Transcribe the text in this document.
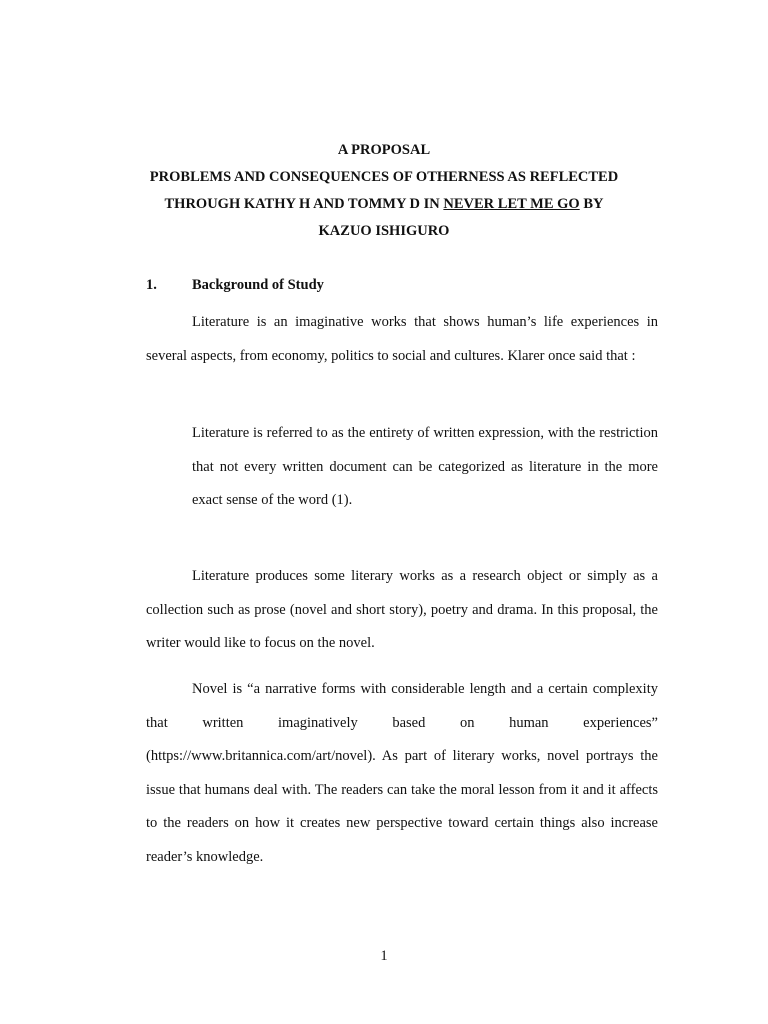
A PROPOSAL
PROBLEMS AND CONSEQUENCES OF OTHERNESS AS REFLECTED
THROUGH KATHY H AND TOMMY D IN NEVER LET ME GO BY
KAZUO ISHIGURO
1. Background of Study
Literature is an imaginative works that shows human’s life experiences in several aspects, from economy, politics to social and cultures. Klarer once said that :
Literature is referred to as the entirety of written expression, with the restriction that not every written document can be categorized as literature in the more exact sense of the word (1).
Literature produces some literary works as a research object or simply as a collection such as prose (novel and short story), poetry and drama. In this proposal, the writer would like to focus on the novel.
Novel is “a narrative forms with considerable length and a certain complexity that written imaginatively based on human experiences” (https://www.britannica.com/art/novel). As part of literary works, novel portrays the issue that humans deal with. The readers can take the moral lesson from it and it affects to the readers on how it creates new perspective toward certain things also increase reader’s knowledge.
1
